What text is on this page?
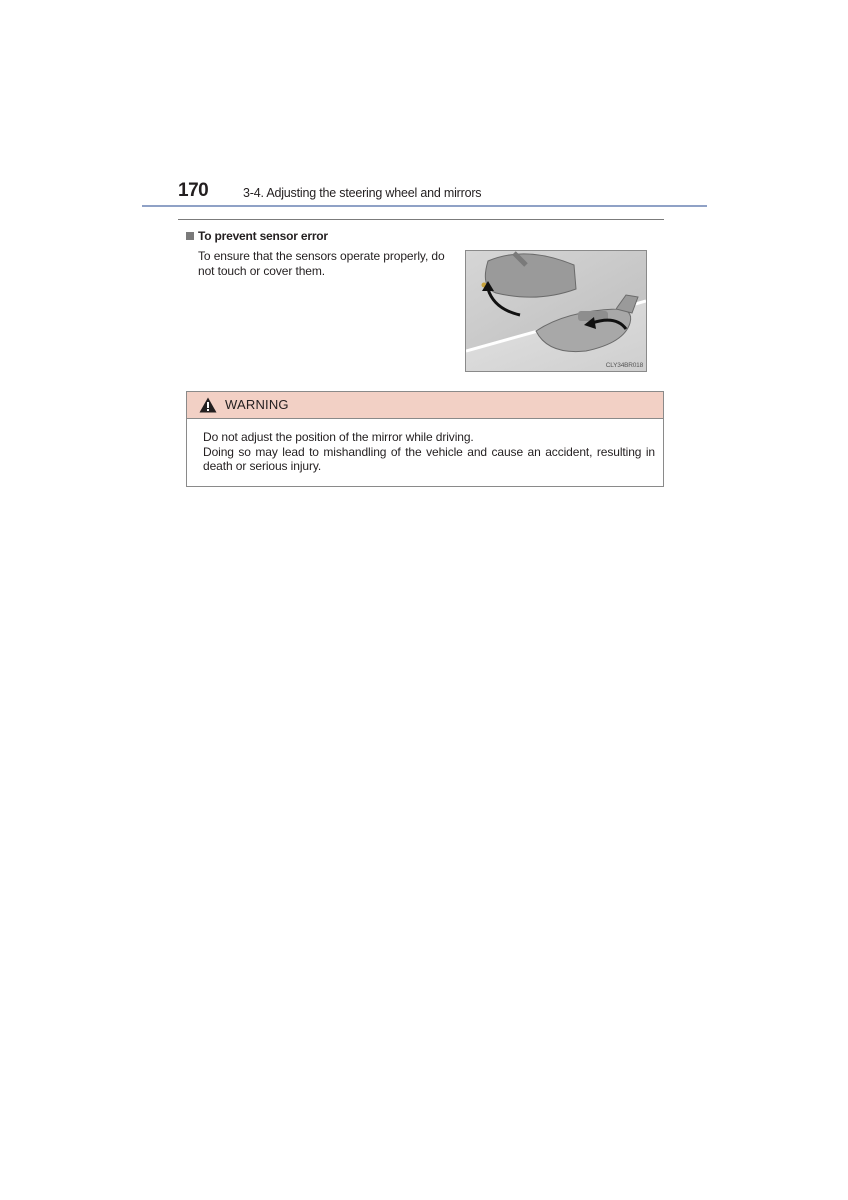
170	3-4. Adjusting the steering wheel and mirrors
To prevent sensor error
To ensure that the sensors operate properly, do not touch or cover them.
CLY34BR018
WARNING
Do not adjust the position of the mirror while driving.
Doing so may lead to mishandling of the vehicle and cause an accident, resulting in death or serious injury.
